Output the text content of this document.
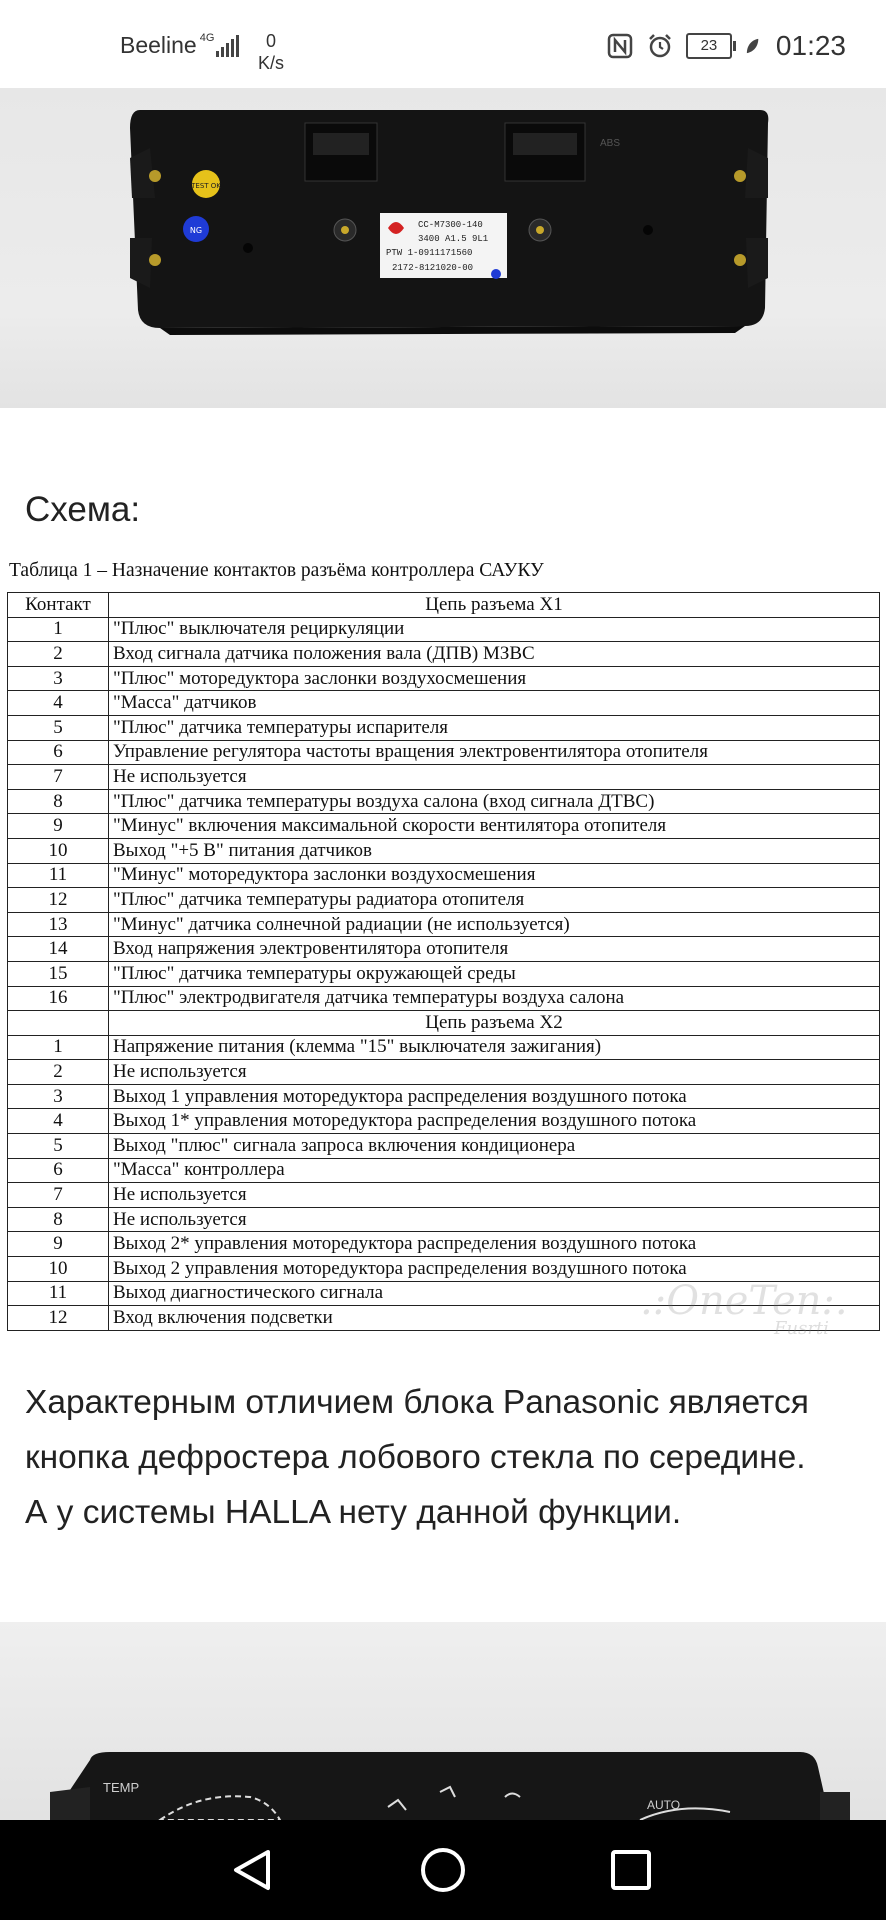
Beeline 4G	0
K/s
23	01:23
ABS
TEST OK
NG
CC-M7300-140
3400 A1.5 9L1
PTW 1-0911171560
2172-8121020-00
Схема:
Таблица 1 – Назначение контактов разъёма контроллера САУКУ
Контакт	Цепь разъема X1
1	"Плюс" выключателя рециркуляции
2	Вход сигнала датчика положения вала (ДПВ) МЗВС
3	"Плюс" моторедуктора заслонки воздухосмешения
4	"Масса" датчиков
5	"Плюс" датчика температуры испарителя
6	Управление регулятора частоты вращения электровентилятора отопителя
7	Не используется
8	"Плюс" датчика температуры воздуха салона (вход сигнала ДТВС)
9	"Минус" включения максимальной скорости вентилятора отопителя
10	Выход "+5 В" питания датчиков
11	"Минус" моторедуктора заслонки воздухосмешения
12	"Плюс" датчика температуры радиатора отопителя
13	"Минус" датчика солнечной радиации (не используется)
14	Вход напряжения электровентилятора отопителя
15	"Плюс" датчика температуры окружающей среды
16	"Плюс" электродвигателя датчика температуры воздуха салона
	Цепь разъема X2
1	Напряжение питания (клемма "15" выключателя зажигания)
2	Не используется
3	Выход 1 управления моторедуктора распределения воздушного потока
4	Выход 1* управления моторедуктора распределения воздушного потока
5	Выход "плюс" сигнала запроса включения кондиционера
6	"Масса" контроллера
7	Не используется
8	Не используется
9	Выход 2* управления моторедуктора распределения воздушного потока
10	Выход 2 управления моторедуктора распределения воздушного потока
11	Выход диагностического сигнала
12	Вход включения подсветки	.:OneTen:.
Fusrti

Характерным отличием блока Panasonic является кнопка дефростера лобового стекла по середине.

А у системы HALLA нету данной функции.

TEMP
AUTO
